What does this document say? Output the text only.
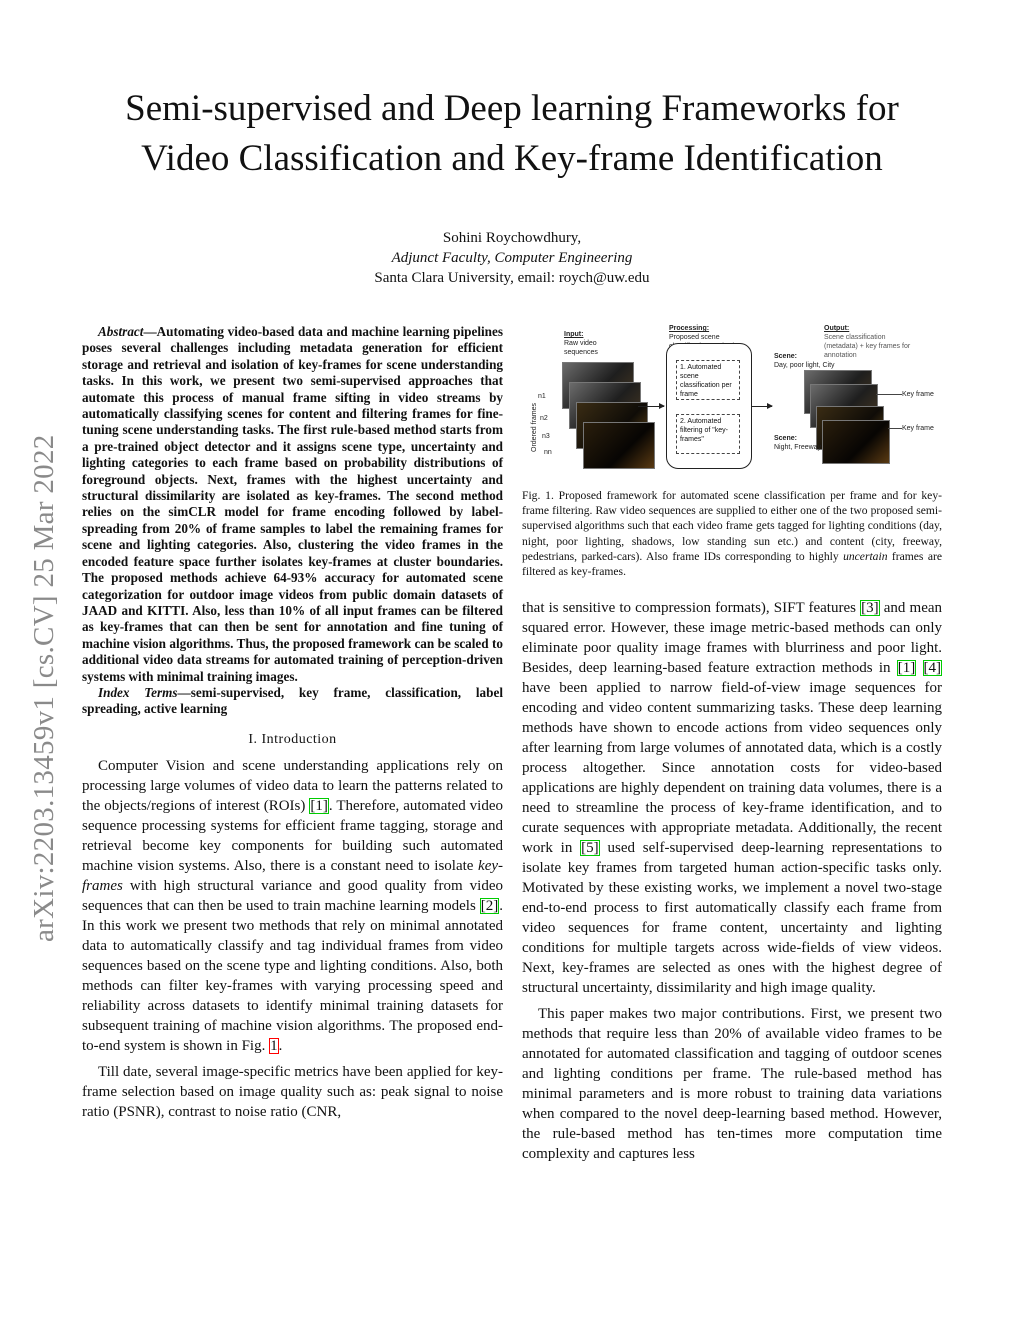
Semi-supervised and Deep learning Frameworks for
Video Classification and Key-frame Identification
Sohini Roychowdhury,
Adjunct Faculty, Computer Engineering
Santa Clara University, email: roych@uw.edu
arXiv:2203.13459v1 [cs.CV] 25 Mar 2022

Abstract—Automating video-based data and machine learning pipelines poses several challenges including metadata generation for efficient storage and retrieval and isolation of key-frames for scene understanding tasks. In this work, we present two semi-supervised approaches that automate this process of manual frame sifting in video streams by automatically classifying scenes for content and filtering frames for fine-tuning scene understanding tasks. The first rule-based method starts from a pre-trained object detector and it assigns scene type, uncertainty and lighting categories to each frame based on probability distributions of foreground objects. Next, frames with the highest uncertainty and structural dissimilarity are isolated as key-frames. The second method relies on the simCLR model for frame encoding followed by label-spreading from 20% of frame samples to label the remaining frames for scene and lighting categories. Also, clustering the video frames in the encoded feature space further isolates key-frames at cluster boundaries. The proposed methods achieve 64-93% accuracy for automated scene categorization for outdoor image videos from public domain datasets of JAAD and KITTI. Also, less than 10% of all input frames can be filtered as key-frames that can then be sent for annotation and fine tuning of machine vision algorithms. Thus, the proposed framework can be scaled to additional video data streams for automated training of perception-driven systems with minimal training images.

Index Terms—semi-supervised, key frame, classification, label spreading, active learning

I. Introduction

Computer Vision and scene understanding applications rely on processing large volumes of video data to learn the patterns related to the objects/regions of interest (ROIs) [1]. Therefore, automated video sequence processing systems for efficient frame tagging, storage and retrieval become key components for building such automated machine vision systems. Also, there is a constant need to isolate key-frames with high structural variance and good quality from video sequences that can then be used to train machine learning models [2]. In this work we present two methods that rely on minimal annotated data to automatically classify and tag individual frames from video sequences based on the scene type and lighting conditions. Also, both methods can filter key-frames with varying processing speed and reliability across datasets to identify minimal training datasets for subsequent training of machine vision algorithms. The proposed end-to-end system is shown in Fig. 1.

Till date, several image-specific metrics have been applied for key-frame selection based on image quality such as: peak signal to noise ratio (PSNR), contrast to noise ratio (CNR,

Input:
Raw video sequences
Ordered frames
n1
n2
n3
nn
Processing:
Proposed scene
1. Automated scene classification per frame
2. Automated filtering of "key-frames"
Output:
Scene classification (metadata) + key frames for annotation
Scene:
Day, poor light, City
Scene:
Night, Freeway
Key frame
Key frame

Fig. 1. Proposed framework for automated scene classification per frame and for key-frame filtering. Raw video sequences are supplied to either one of the two proposed semi-supervised algorithms such that each video frame gets tagged for lighting conditions (day, night, poor lighting, shadows, low standing sun etc.) and content (city, freeway, pedestrians, parked-cars). Also frame IDs corresponding to highly uncertain frames are filtered as key-frames.

that is sensitive to compression formats), SIFT features [3] and mean squared error. However, these image metric-based methods can only eliminate poor quality image frames with blurriness and poor light. Besides, deep learning-based feature extraction methods in [1] [4] have been applied to narrow field-of-view image sequences for encoding and video content summarizing tasks. These deep learning methods have shown to encode actions from video sequences only after learning from large volumes of annotated data, which is a costly process altogether. Since annotation costs for video-based applications are highly dependent on training data volumes, there is a need to streamline the process of key-frame identification, and to curate sequences with appropriate metadata. Additionally, the recent work in [5] used self-supervised deep-learning representations to isolate key frames from targeted human action-specific tasks only. Motivated by these existing works, we implement a novel two-stage end-to-end process to first automatically classify each frame from video sequences for frame content, uncertainty and lighting conditions for multiple targets across wide-fields of view videos. Next, key-frames are selected as ones with the highest degree of structural uncertainty, dissimilarity and high image quality.

This paper makes two major contributions. First, we present two methods that require less than 20% of available video frames to be annotated for automated classification and tagging of outdoor scenes and lighting conditions per frame. The rule-based method has minimal parameters and is more robust to training data variations when compared to the novel deep-learning based method. However, the rule-based method has ten-times more computation time complexity and captures less
